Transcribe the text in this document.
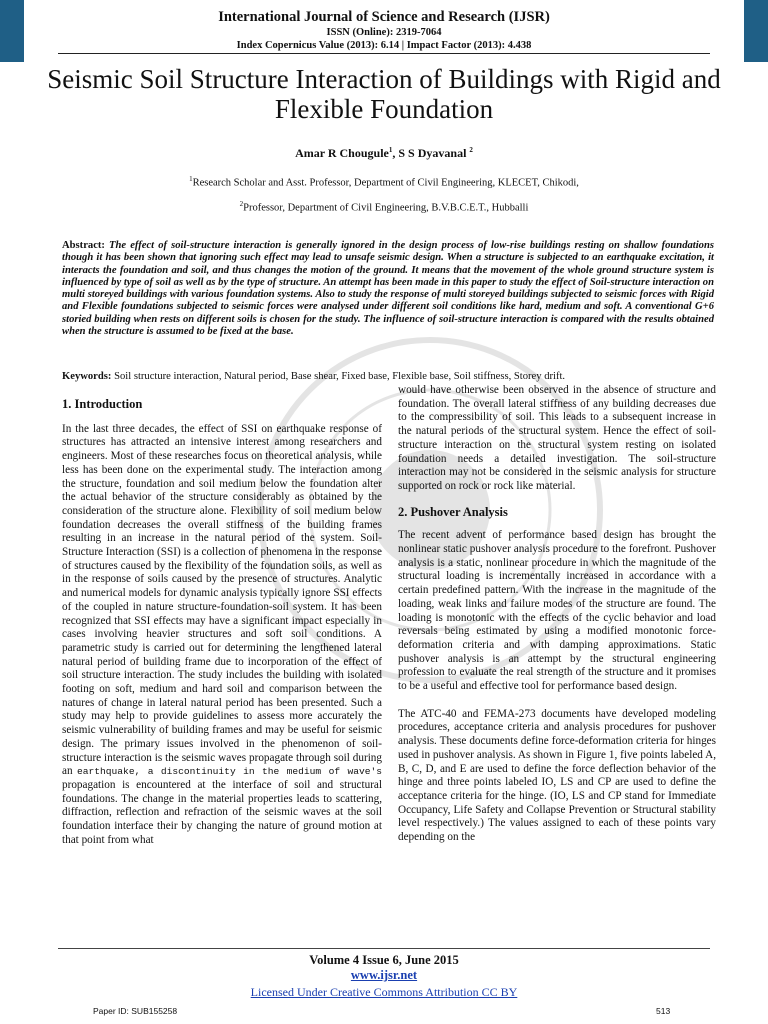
International Journal of Science and Research (IJSR)
ISSN (Online): 2319-7064
Index Copernicus Value (2013): 6.14 | Impact Factor (2013): 4.438
Seismic Soil Structure Interaction of Buildings with Rigid and Flexible Foundation
Amar R Chougule$^1$, S S Dyavanal $^2$
$^1$Research Scholar and Asst. Professor, Department of Civil Engineering, KLECET, Chikodi,
$^2$Professor, Department of Civil Engineering, B.V.B.C.E.T., Hubballi
Abstract: The effect of soil-structure interaction is generally ignored in the design process of low-rise buildings resting on shallow foundations though it has been shown that ignoring such effect may lead to unsafe seismic design. When a structure is subjected to an earthquake excitation, it interacts the foundation and soil, and thus changes the motion of the ground. It means that the movement of the whole ground structure system is influenced by type of soil as well as by the type of structure. An attempt has been made in this paper to study the effect of Soil-structure interaction on multi storeyed buildings with various foundation systems. Also to study the response of multi storeyed buildings subjected to seismic forces with Rigid and Flexible foundations subjected to seismic forces were analysed under different soil conditions like hard, medium and soft. A conventional G+6 storied building when rests on different soils is chosen for the study. The influence of soil-structure interaction is compared with the results obtained when the structure is assumed to be fixed at the base.
Keywords: Soil structure interaction, Natural period, Base shear, Fixed base, Flexible base, Soil stiffness, Storey drift.

1. Introduction

In the last three decades, the effect of SSI on earthquake response of structures has attracted an intensive interest among researchers and engineers. Most of these researches focus on theoretical analysis, while less has been done on the experimental study. The interaction among the structure, foundation and soil medium below the foundation alter the actual behavior of the structure considerably as obtained by the consideration of the structure alone. Flexibility of soil medium below foundation decreases the overall stiffness of the building frames resulting in an increase in the natural period of the system. Soil-Structure Interaction (SSI) is a collection of phenomena in the response of structures caused by the flexibility of the foundation soils, as well as in the response of soils caused by the presence of structures. Analytic and numerical models for dynamic analysis typically ignore SSI effects of the coupled in nature structure-foundation-soil system. It has been recognized that SSI effects may have a significant impact especially in cases involving heavier structures and soft soil conditions. A parametric study is carried out for determining the lengthened lateral natural period of building frame due to incorporation of the effect of soil structure interaction. The study includes the building with isolated footing on soft, medium and hard soil and comparison between the natures of change in lateral natural period has been presented. Such a study may help to provide guidelines to assess more accurately the seismic vulnerability of building frames and may be useful for seismic design. The primary issues involved in the phenomenon of soil-structure interaction is the seismic waves propagate through soil during an earthquake, a discontinuity in the medium of wave's propagation is encountered at the interface of soil and structural foundations. The change in the material properties leads to scattering, diffraction, reflection and refraction of the seismic waves at the soil foundation interface their by changing the nature of ground motion at that point from what

would have otherwise been observed in the absence of structure and foundation. The overall lateral stiffness of any building decreases due to the compressibility of soil. This leads to a subsequent increase in the natural periods of the structural system. Hence the effect of soil-structure interaction on the structural system resting on isolated foundation needs a detailed investigation. The soil-structure interaction may not be considered in the seismic analysis for structure supported on rock or rock like material.

2. Pushover Analysis

The recent advent of performance based design has brought the nonlinear static pushover analysis procedure to the forefront. Pushover analysis is a static, nonlinear procedure in which the magnitude of the structural loading is incrementally increased in accordance with a certain predefined pattern. With the increase in the magnitude of the loading, weak links and failure modes of the structure are found. The loading is monotonic with the effects of the cyclic behavior and load reversals being estimated by using a modified monotonic force-deformation criteria and with damping approximations. Static pushover analysis is an attempt by the structural engineering profession to evaluate the real strength of the structure and it promises to be a useful and effective tool for performance based design.

The ATC-40 and FEMA-273 documents have developed modeling procedures, acceptance criteria and analysis procedures for pushover analysis. These documents define force-deformation criteria for hinges used in pushover analysis. As shown in Figure 1, five points labeled A, B, C, D, and E are used to define the force deflection behavior of the hinge and three points labeled IO, LS and CP are used to define the acceptance criteria for the hinge. (IO, LS and CP stand for Immediate Occupancy, Life Safety and Collapse Prevention or Structural stability level respectively.) The values assigned to each of these points vary depending on the

Volume 4 Issue 6, June 2015
www.ijsr.net
Licensed Under Creative Commons Attribution CC BY
Paper ID: SUB155258	513
